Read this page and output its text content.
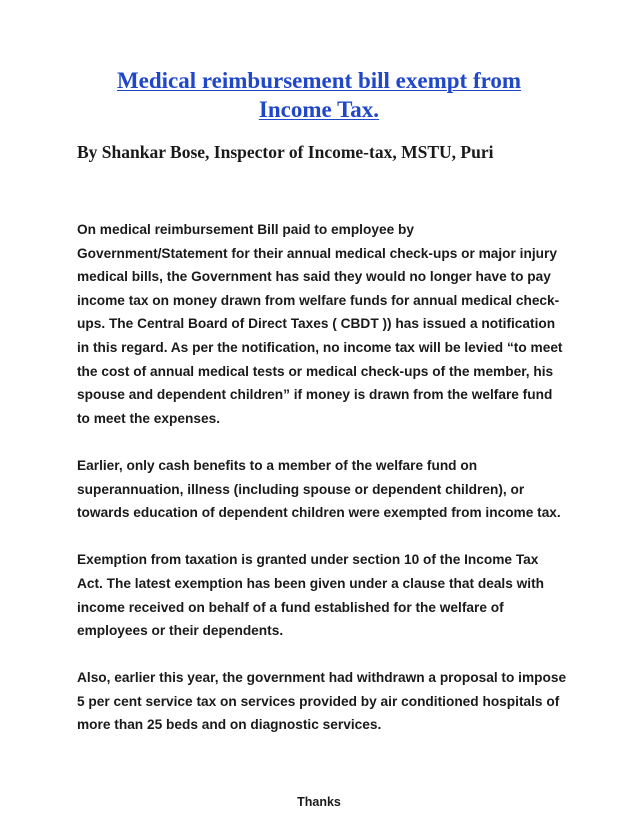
Medical reimbursement bill exempt from
Income Tax.

By Shankar Bose, Inspector of Income-tax, MSTU, Puri

On medical reimbursement Bill paid to employee by Government/Statement for their annual medical check-ups or major injury medical bills, the Government has said they would no longer have to pay income tax on money drawn from welfare funds for annual medical check-ups. The Central Board of Direct Taxes ( CBDT )) has issued a notification in this regard. As per the notification, no income tax will be levied “to meet the cost of annual medical tests or medical check-ups of the member, his spouse and dependent children” if money is drawn from the welfare fund to meet the expenses.

Earlier, only cash benefits to a member of the welfare fund on superannuation, illness (including spouse or dependent children), or towards education of dependent children were exempted from income tax.

Exemption from taxation is granted under section 10 of the Income Tax Act. The latest exemption has been given under a clause that deals with income received on behalf of a fund established for the welfare of employees or their dependents.

Also, earlier this year, the government had withdrawn a proposal to impose 5 per cent service tax on services provided by air conditioned hospitals of more than 25 beds and on diagnostic services.

Thanks
